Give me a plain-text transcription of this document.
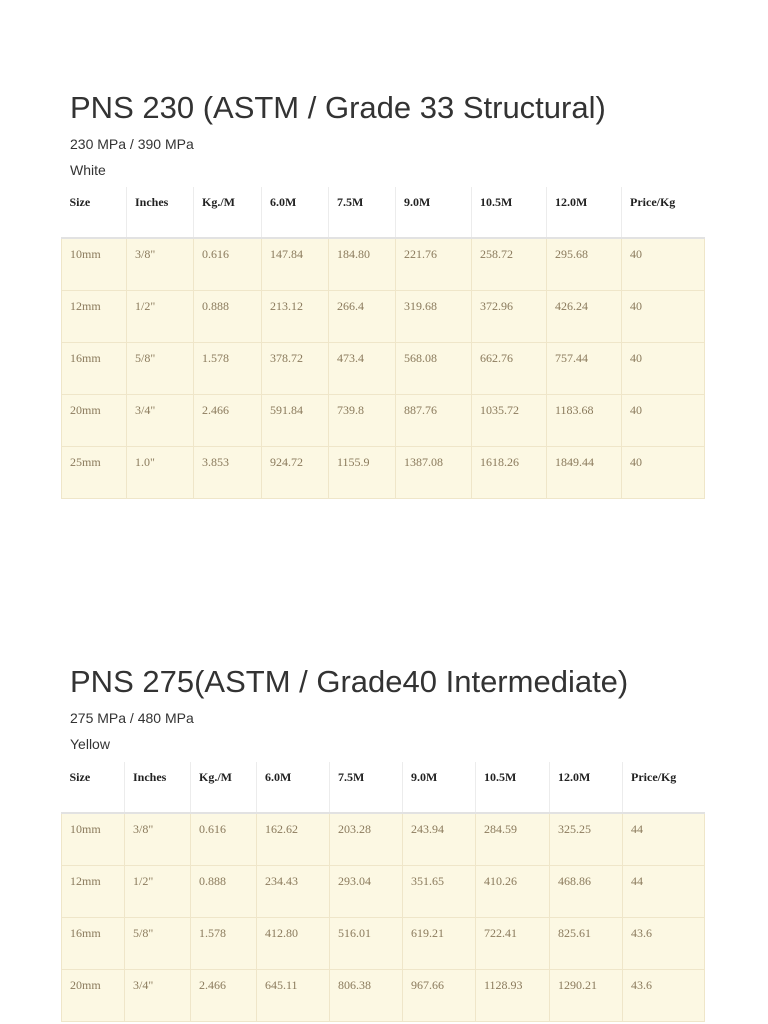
PNS 230 (ASTM / Grade 33 Structural)
230 MPa / 390 MPa
White
Size	Inches	Kg./M	6.0M	7.5M	9.0M	10.5M	12.0M	Price/Kg
10mm	3/8"	0.616	147.84	184.80	221.76	258.72	295.68	40
12mm	1/2"	0.888	213.12	266.4	319.68	372.96	426.24	40
16mm	5/8"	1.578	378.72	473.4	568.08	662.76	757.44	40
20mm	3/4"	2.466	591.84	739.8	887.76	1035.72	1183.68	40
25mm	1.0"	3.853	924.72	1155.9	1387.08	1618.26	1849.44	40
PNS 275(ASTM / Grade40 Intermediate)
275 MPa / 480 MPa
Yellow
Size	Inches	Kg./M	6.0M	7.5M	9.0M	10.5M	12.0M	Price/Kg
10mm	3/8"	0.616	162.62	203.28	243.94	284.59	325.25	44
12mm	1/2"	0.888	234.43	293.04	351.65	410.26	468.86	44
16mm	5/8"	1.578	412.80	516.01	619.21	722.41	825.61	43.6
20mm	3/4"	2.466	645.11	806.38	967.66	1128.93	1290.21	43.6
